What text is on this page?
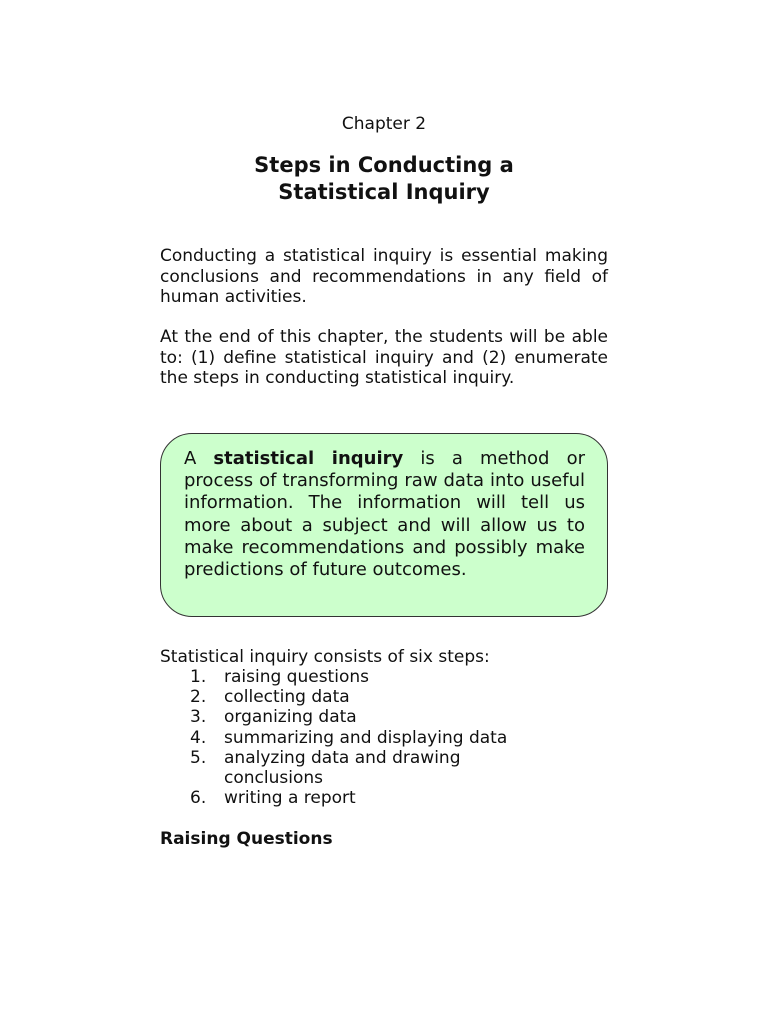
Chapter 2
Steps in Conducting a
Statistical Inquiry

Conducting a statistical inquiry is essential making conclusions and recommendations in any field of human activities.

At the end of this chapter, the students will be able to: (1) define statistical inquiry and (2) enumerate the steps in conducting statistical inquiry.

A statistical inquiry is a method or process of transforming raw data into useful information. The information will tell us more about a subject and will allow us to make recommendations and possibly make predictions of future outcomes.

Statistical inquiry consists of six steps:

1. raising questions
2. collecting data
3. organizing data
4. summarizing and displaying data
5. analyzing data and drawing conclusions
6. writing a report
Raising Questions
